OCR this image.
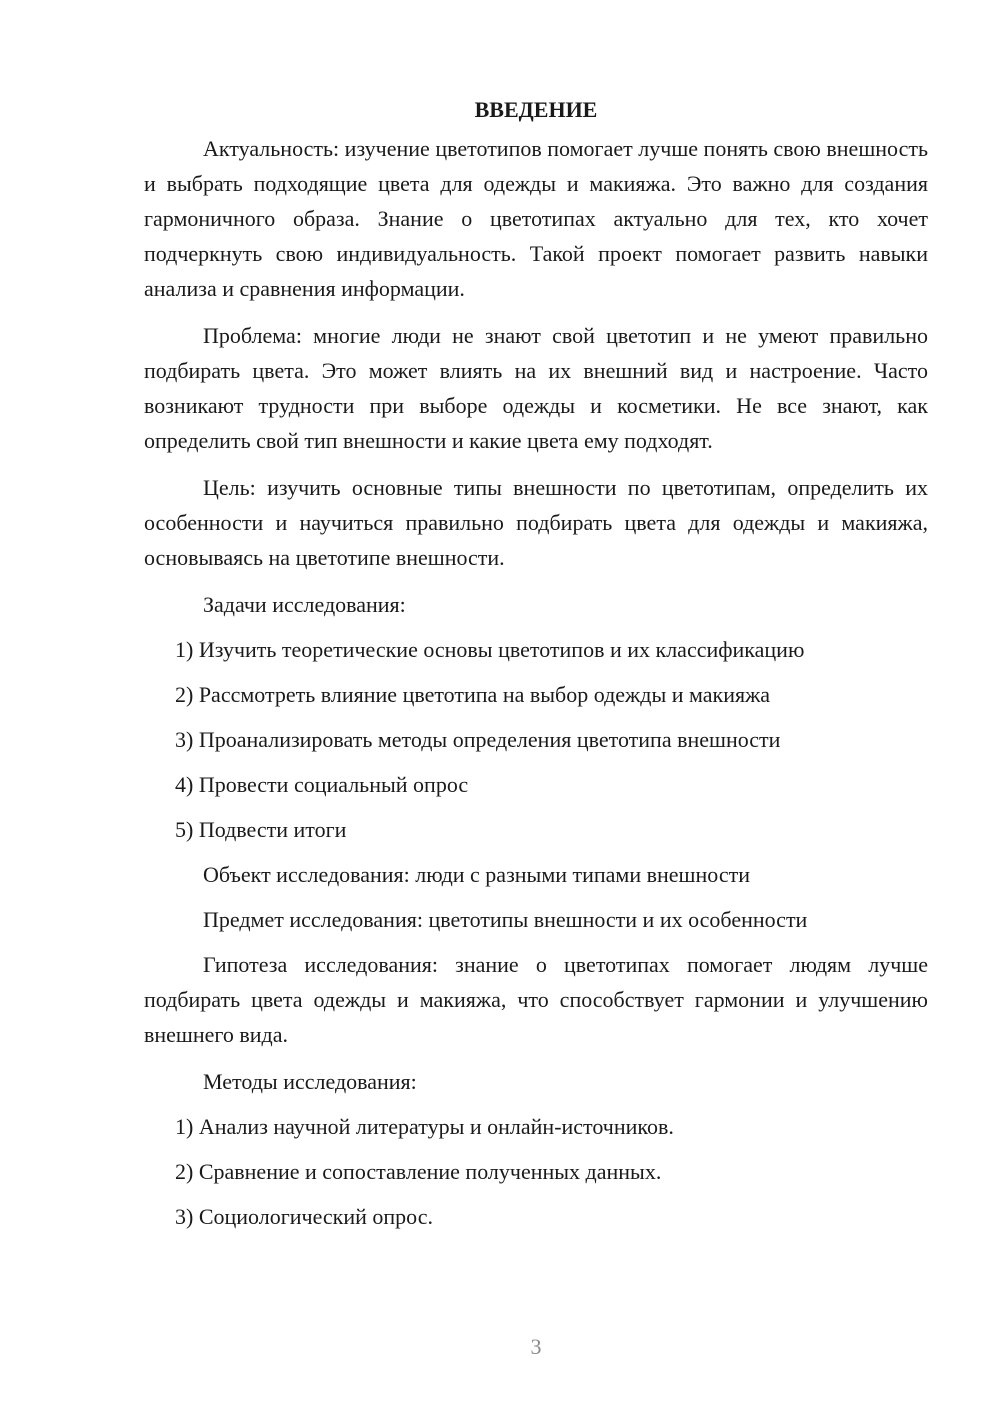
ВВЕДЕНИЕ

Актуальность: изучение цветотипов помогает лучше понять свою внешность и выбрать подходящие цвета для одежды и макияжа. Это важно для создания гармоничного образа. Знание о цветотипах актуально для тех, кто хочет подчеркнуть свою индивидуальность. Такой проект помогает развить навыки анализа и сравнения информации.

Проблема: многие люди не знают свой цветотип и не умеют правильно подбирать цвета. Это может влиять на их внешний вид и настроение. Часто возникают трудности при выборе одежды и косметики. Не все знают, как определить свой тип внешности и какие цвета ему подходят.

Цель: изучить основные типы внешности по цветотипам, определить их особенности и научиться правильно подбирать цвета для одежды и макияжа, основываясь на цветотипе внешности.

Задачи исследования:
1) Изучить теоретические основы цветотипов и их классификацию
2) Рассмотреть влияние цветотипа на выбор одежды и макияжа
3) Проанализировать методы определения цветотипа внешности
4) Провести социальный опрос
5) Подвести итоги
Объект исследования: люди с разными типами внешности
Предмет исследования: цветотипы внешности и их особенности

Гипотеза исследования: знание о цветотипах помогает людям лучше подбирать цвета одежды и макияжа, что способствует гармонии и улучшению внешнего вида.

Методы исследования:
1) Анализ научной литературы и онлайн-источников.
2) Сравнение и сопоставление полученных данных.
3) Социологический опрос.
3
